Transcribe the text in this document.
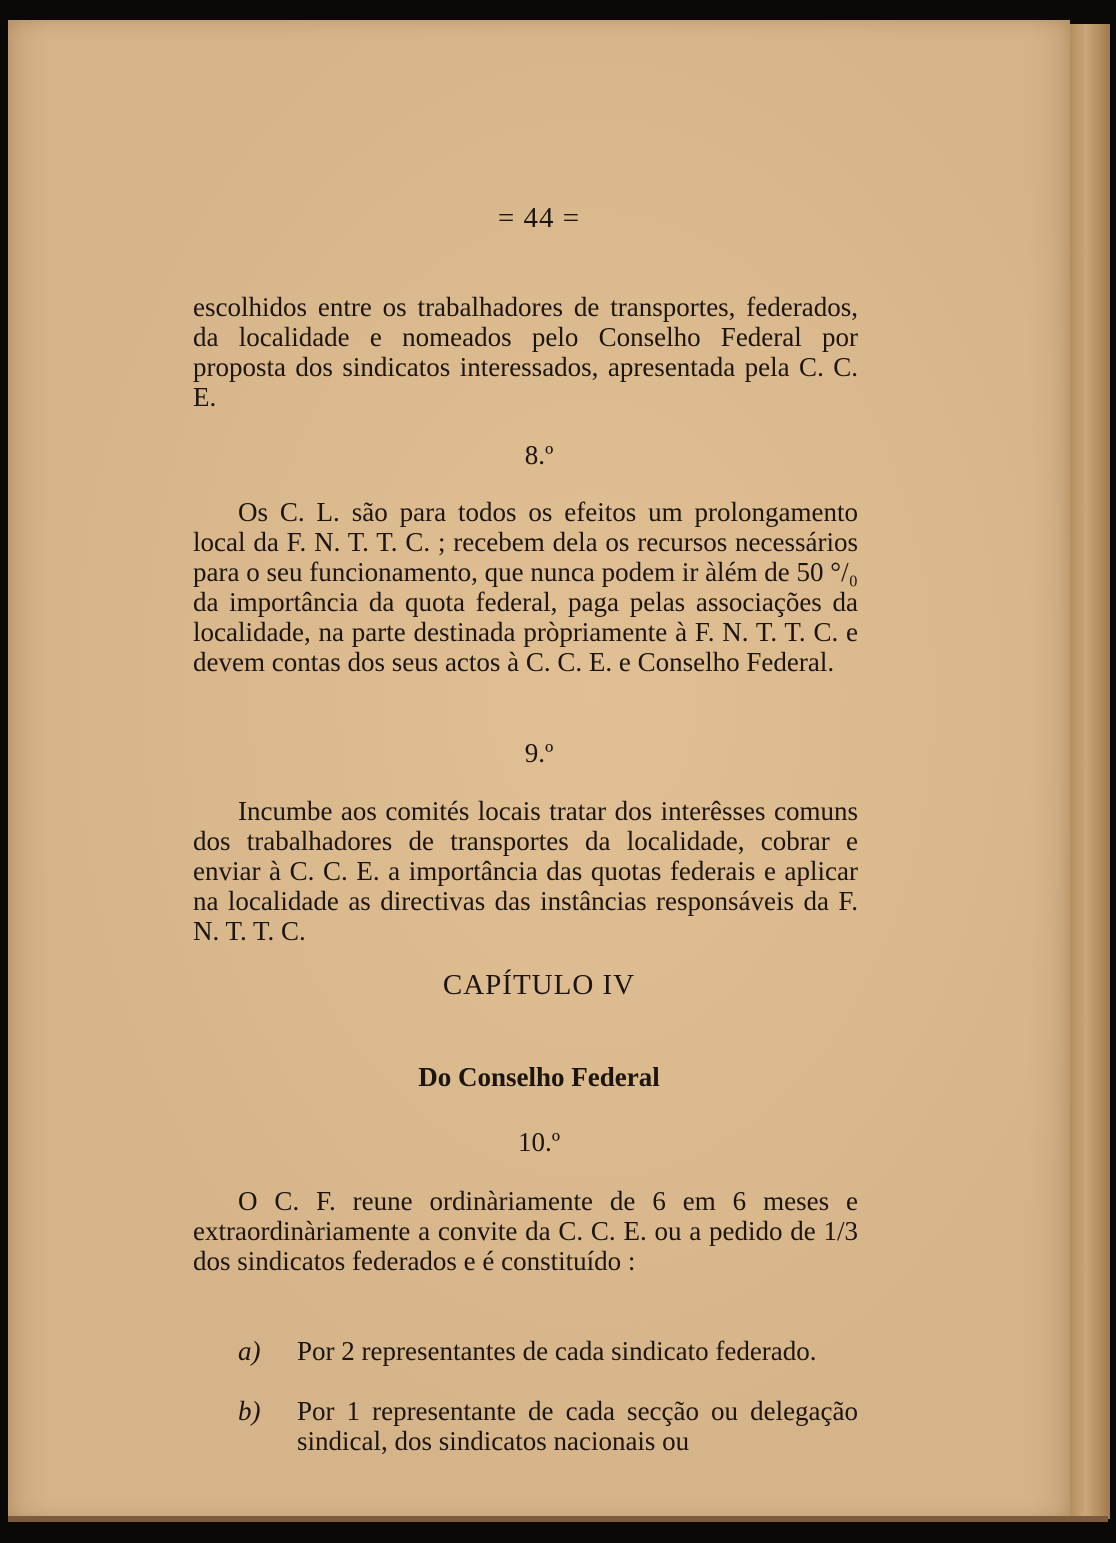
= 44 =

escolhidos entre os trabalhadores de transportes, federados, da localidade e nomeados pelo Conselho Federal por proposta dos sindicatos interessados, apresentada pela C. C. E.

8.º

Os C. L. são para todos os efeitos um prolongamento local da F. N. T. T. C. ; recebem dela os recursos necessários para o seu funcionamento, que nunca podem ir àlém de 50 °/₀ da importância da quota federal, paga pelas associações da localidade, na parte destinada pròpriamente à F. N. T. T. C. e devem contas dos seus actos à C. C. E. e Conselho Federal.

9.º

Incumbe aos comités locais tratar dos interêsses comuns dos trabalhadores de transportes da localidade, cobrar e enviar à C. C. E. a importância das quotas federais e aplicar na localidade as directivas das instâncias responsáveis da F. N. T. T. C.

CAPÍTULO IV

Do Conselho Federal

10.º

O C. F. reune ordinàriamente de 6 em 6 meses e extraordinàriamente a convite da C. C. E. ou a pedido de 1/3 dos sindicatos federados e é constituído :

a) Por 2 representantes de cada sindicato federado.
b) Por 1 representante de cada secção ou delegação sindical, dos sindicatos nacionais ou
